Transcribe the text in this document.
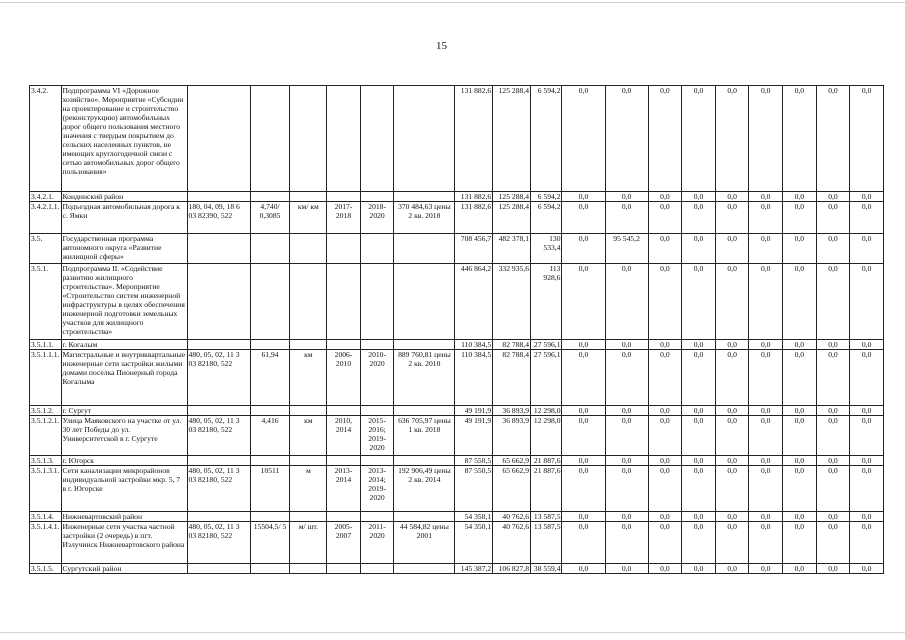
15
3.4.2.	Подпрограмма VI «Дорожное хозяйство». Мероприятие «Субсидии на проектирование и строительство (реконструкцию) автомобильных дорог общего пользования местного значения с твердым покрытием до сельских населенных пунктов, не имеющих круглогодичной связи с сетью автомобильных дорог общего пользования»							131 882,6	125 288,4	6 594,2	0,0	0,0	0,0	0,0	0,0	0,0	0,0	0,0	0,0
3.4.2.1.	Кондинский район							131 882,6	125 288,4	6 594,2	0,0	0,0	0,0	0,0	0,0	0,0	0,0	0,0	0,0
3.4.2.1.1.	Подъездная автомобильная дорога к с. Ямки	180, 04, 09, 18 6 03 82390, 522	4,740/ 0,3085	км/ км	2017-2018	2018-2020	370 484,63 цены 2 кв. 2018	131 882,6	125 288,4	6 594,2	0,0	0,0	0,0	0,0	0,0	0,0	0,0	0,0	0,0
3.5.	Государственная программа автономного округа «Развитие жилищной сферы»							708 456,7	482 378,1	130 533,4	0,0	95 545,2	0,0	0,0	0,0	0,0	0,0	0,0	0,0
3.5.1.	Подпрограмма II. «Содействие развитию жилищного строительства». Мероприятие «Строительство систем инженерной инфраструктуры в целях обеспечения инженерной подготовки земельных участков для жилищного строительства»							446 864,2	332 935,6	113 928,6	0,0	0,0	0,0	0,0	0,0	0,0	0,0	0,0	0,0
3.5.1.1.	г. Когалым							110 384,5	82 788,4	27 596,1	0,0	0,0	0,0	0,0	0,0	0,0	0,0	0,0	0,0
3.5.1.1.1.	Магистральные и внутриквартальные инженерные сети застройки жилыми домами поселка Пионерный города Когалыма	480, 05, 02, 11 3 03 82180, 522	61,94	км	2006-2010	2010-2020	889 760,81 цены 2 кв. 2010	110 384,5	82 788,4	27 596,1	0,0	0,0	0,0	0,0	0,0	0,0	0,0	0,0	0,0
3.5.1.2.	г. Сургут							49 191,9	36 893,9	12 298,0	0,0	0,0	0,0	0,0	0,0	0,0	0,0	0,0	0,0
3.5.1.2.1.	Улица Маяковского на участке от ул. 30 лет Победы до ул. Университетской в г. Сургуте	480, 05, 02, 11 3 03 82180, 522	4,416	км	2010, 2014	2015-2016; 2019-2020	636 705,97 цены 1 кв. 2018	49 191,9	36 893,9	12 298,0	0,0	0,0	0,0	0,0	0,0	0,0	0,0	0,0	0,0
3.5.1.3.	г. Югорск							87 550,5	65 662,9	21 887,6	0,0	0,0	0,0	0,0	0,0	0,0	0,0	0,0	0,0
3.5.1.3.1.	Сети канализации микрорайонов индивидуальной застройки мкр. 5, 7 в г. Югорске	480, 05, 02, 11 3 03 82180, 522	10511	м	2013-2014	2013-2014; 2019-2020	192 906,49 цены 2 кв. 2014	87 550,5	65 662,9	21 887,6	0,0	0,0	0,0	0,0	0,0	0,0	0,0	0,0	0,0
3.5.1.4.	Нижневартовский район							54 350,1	40 762,6	13 587,5	0,0	0,0	0,0	0,0	0,0	0,0	0,0	0,0	0,0
3.5.1.4.1.	Инженерные сети участка частной застройки (2 очередь) в пгт. Излучинск Нижневартовского района	480, 05, 02, 11 3 03 82180, 522	15504,5/ 5	м/ шт.	2005-2007	2011-2020	44 584,82 цены 2001	54 350,1	40 762,6	13 587,5	0,0	0,0	0,0	0,0	0,0	0,0	0,0	0,0	0,0
3.5.1.5.	Сургутский район							145 387,2	106 827,8	38 559,4	0,0	0,0	0,0	0,0	0,0	0,0	0,0	0,0	0,0
